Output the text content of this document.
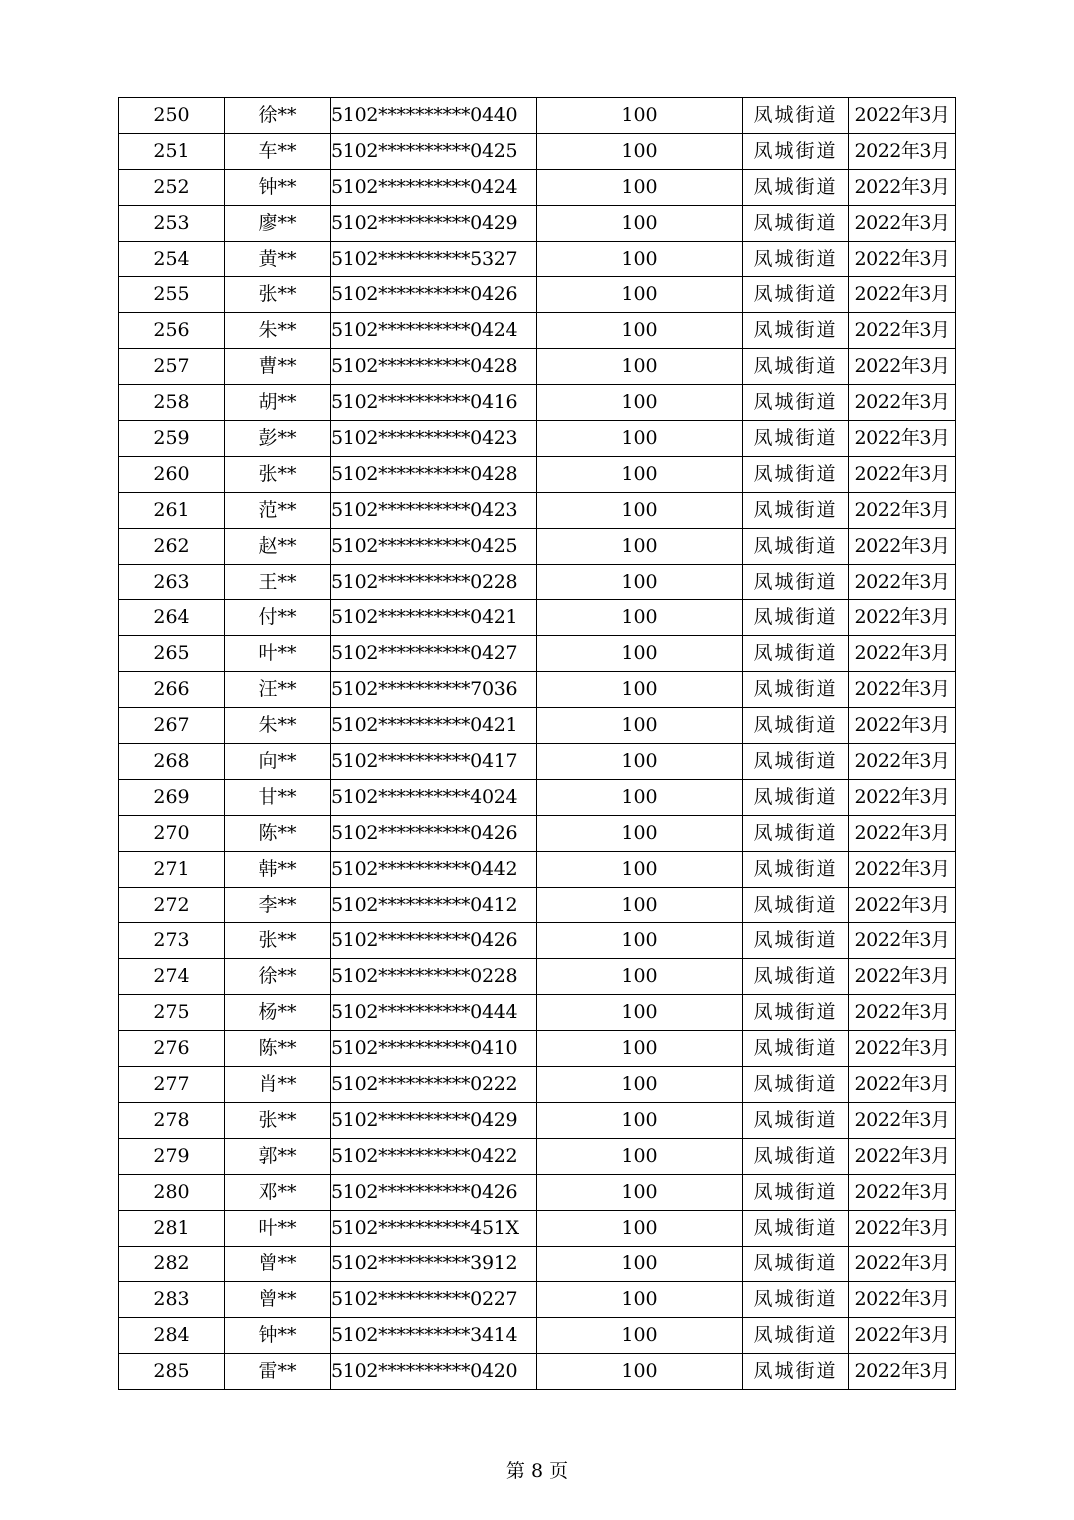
250	徐**	5102**********0440	100	凤城街道	2022年3月
251	车**	5102**********0425	100	凤城街道	2022年3月
252	钟**	5102**********0424	100	凤城街道	2022年3月
253	廖**	5102**********0429	100	凤城街道	2022年3月
254	黄**	5102**********5327	100	凤城街道	2022年3月
255	张**	5102**********0426	100	凤城街道	2022年3月
256	朱**	5102**********0424	100	凤城街道	2022年3月
257	曹**	5102**********0428	100	凤城街道	2022年3月
258	胡**	5102**********0416	100	凤城街道	2022年3月
259	彭**	5102**********0423	100	凤城街道	2022年3月
260	张**	5102**********0428	100	凤城街道	2022年3月
261	范**	5102**********0423	100	凤城街道	2022年3月
262	赵**	5102**********0425	100	凤城街道	2022年3月
263	王**	5102**********0228	100	凤城街道	2022年3月
264	付**	5102**********0421	100	凤城街道	2022年3月
265	叶**	5102**********0427	100	凤城街道	2022年3月
266	汪**	5102**********7036	100	凤城街道	2022年3月
267	朱**	5102**********0421	100	凤城街道	2022年3月
268	向**	5102**********0417	100	凤城街道	2022年3月
269	甘**	5102**********4024	100	凤城街道	2022年3月
270	陈**	5102**********0426	100	凤城街道	2022年3月
271	韩**	5102**********0442	100	凤城街道	2022年3月
272	李**	5102**********0412	100	凤城街道	2022年3月
273	张**	5102**********0426	100	凤城街道	2022年3月
274	徐**	5102**********0228	100	凤城街道	2022年3月
275	杨**	5102**********0444	100	凤城街道	2022年3月
276	陈**	5102**********0410	100	凤城街道	2022年3月
277	肖**	5102**********0222	100	凤城街道	2022年3月
278	张**	5102**********0429	100	凤城街道	2022年3月
279	郭**	5102**********0422	100	凤城街道	2022年3月
280	邓**	5102**********0426	100	凤城街道	2022年3月
281	叶**	5102**********451X	100	凤城街道	2022年3月
282	曾**	5102**********3912	100	凤城街道	2022年3月
283	曾**	5102**********0227	100	凤城街道	2022年3月
284	钟**	5102**********3414	100	凤城街道	2022年3月
285	雷**	5102**********0420	100	凤城街道	2022年3月
第 8 页
